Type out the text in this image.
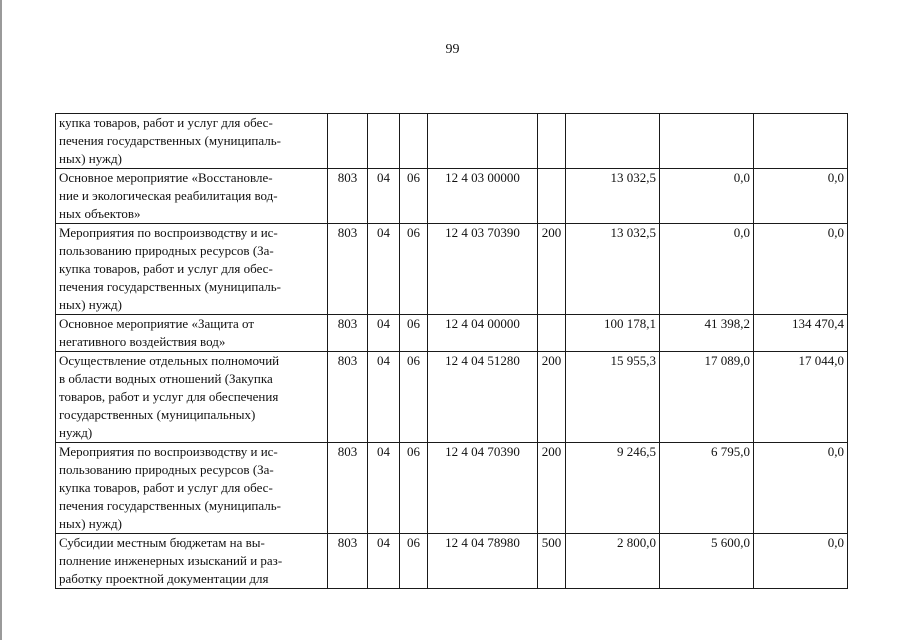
99
купка товаров, работ и услуг для обес-
печения государственных (муниципаль-
ных) нужд)								

Основное мероприятие «Восстановле-
ние и экологическая реабилитация вод-
ных объектов»	803	04	06	12 4 03 00000		13 032,5	0,0	0,0

Мероприятия по воспроизводству и ис-
пользованию природных ресурсов (За-
купка товаров, работ и услуг для обес-
печения государственных (муниципаль-
ных) нужд)	803	04	06	12 4 03 70390	200	13 032,5	0,0	0,0

Основное мероприятие «Защита от
негативного воздействия вод»	803	04	06	12 4 04 00000		100 178,1	41 398,2	134 470,4

Осуществление отдельных полномочий
в области водных отношений (Закупка
товаров, работ и услуг для обеспечения
государственных (муниципальных)
нужд)	803	04	06	12 4 04 51280	200	15 955,3	17 089,0	17 044,0

Мероприятия по воспроизводству и ис-
пользованию природных ресурсов (За-
купка товаров, работ и услуг для обес-
печения государственных (муниципаль-
ных) нужд)	803	04	06	12 4 04 70390	200	9 246,5	6 795,0	0,0

Субсидии местным бюджетам на вы-
полнение инженерных изысканий и раз-
работку проектной документации для	803	04	06	12 4 04 78980	500	2 800,0	5 600,0	0,0
